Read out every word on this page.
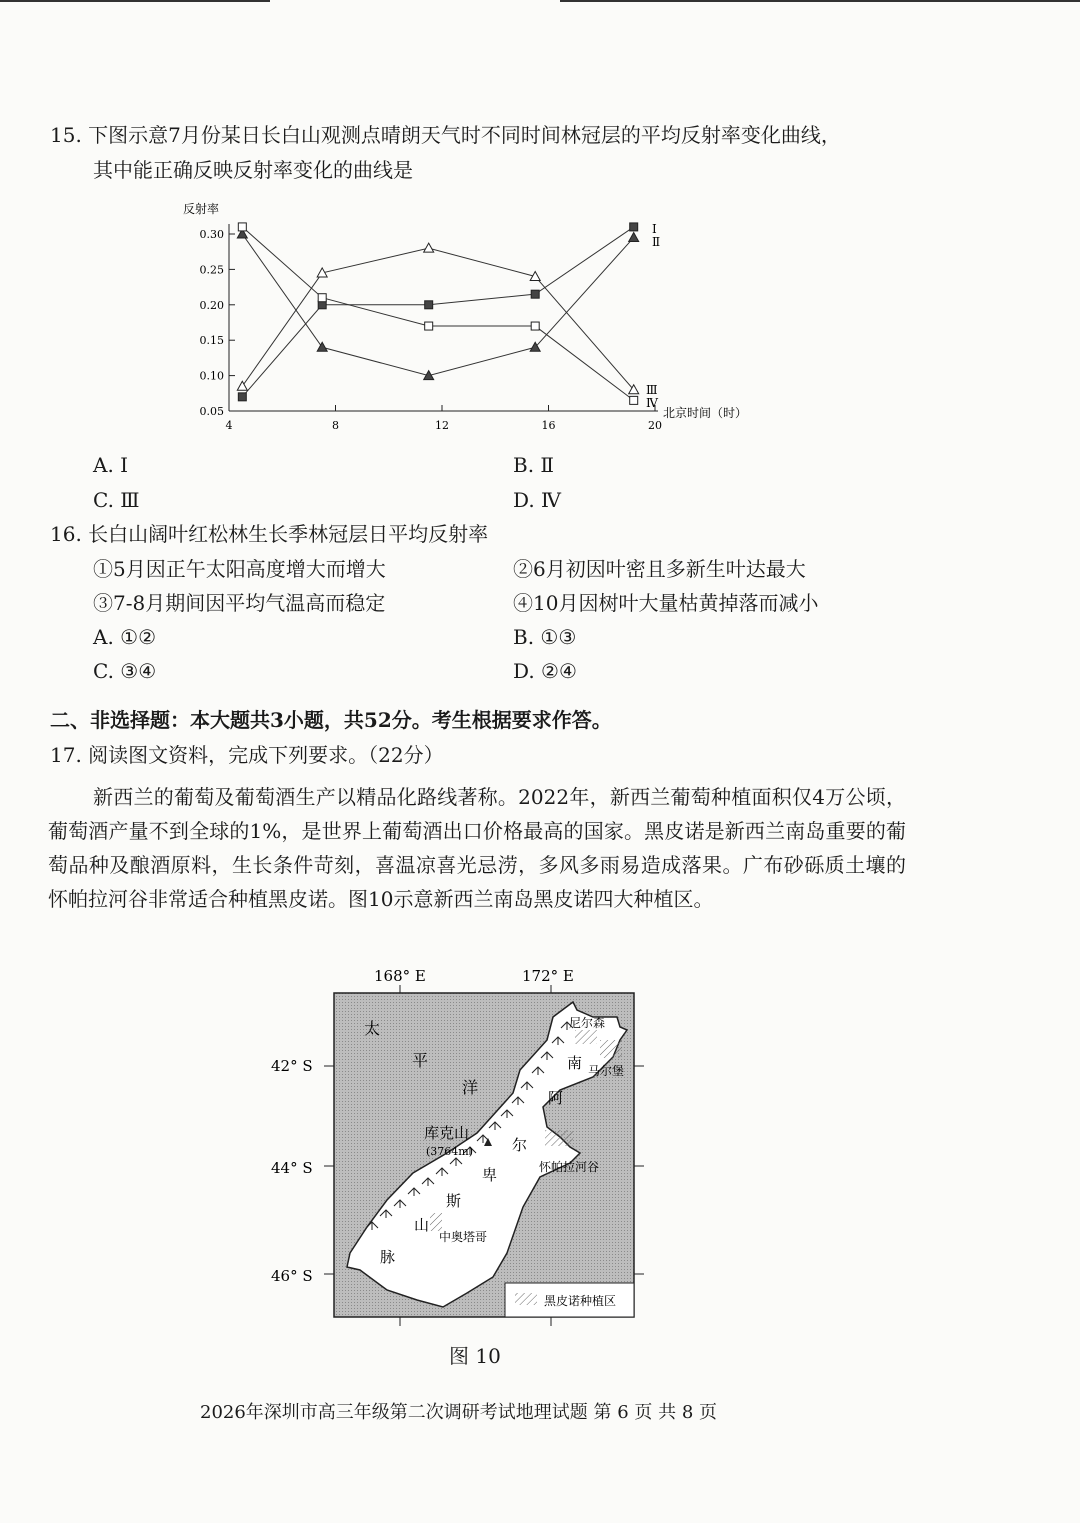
15. 下图示意7月份某日长白山观测点晴朗天气时不同时间林冠层的平均反射率变化曲线，
其中能正确反映反射率变化的曲线是
反射率
北京时间（时）
0.05
0.10
0.15
0.20
0.25
0.30
4	8	12	16	20
Ⅰ
Ⅱ
Ⅲ
Ⅳ
A. Ⅰ	B. Ⅱ
C. Ⅲ	D. Ⅳ
16. 长白山阔叶红松林生长季林冠层日平均反射率
①5月因正午太阳高度增大而增大	②6月初因叶密且多新生叶达最大
③7-8月期间因平均气温高而稳定	④10月因树叶大量枯黄掉落而减小
A. ①②	B. ①③
C. ③④	D. ②④
二、非选择题：本大题共3小题，共52分。考生根据要求作答。
17. 阅读图文资料，完成下列要求。（22分）
新西兰的葡萄及葡萄酒生产以精品化路线著称。2022年，新西兰葡萄种植面积仅4万公顷，葡萄酒产量不到全球的1%，是世界上葡萄酒出口价格最高的国家。黑皮诺是新西兰南岛重要的葡萄品种及酿酒原料，生长条件苛刻，喜温凉喜光忌涝，多风多雨易造成落果。广布砂砾质土壤的怀帕拉河谷非常适合种植黑皮诺。图10示意新西兰南岛黑皮诺四大种植区。
168° E	172° E
42° S
44° S
46° S
太
平
洋
南
阿
尔
卑
斯
山
脉
库克山
(3764m)
尼尔森
马尔堡
怀帕拉河谷
中奥塔哥
黑皮诺种植区
图 10
2026年深圳市高三年级第二次调研考试地理试题 第 6 页 共 8 页
